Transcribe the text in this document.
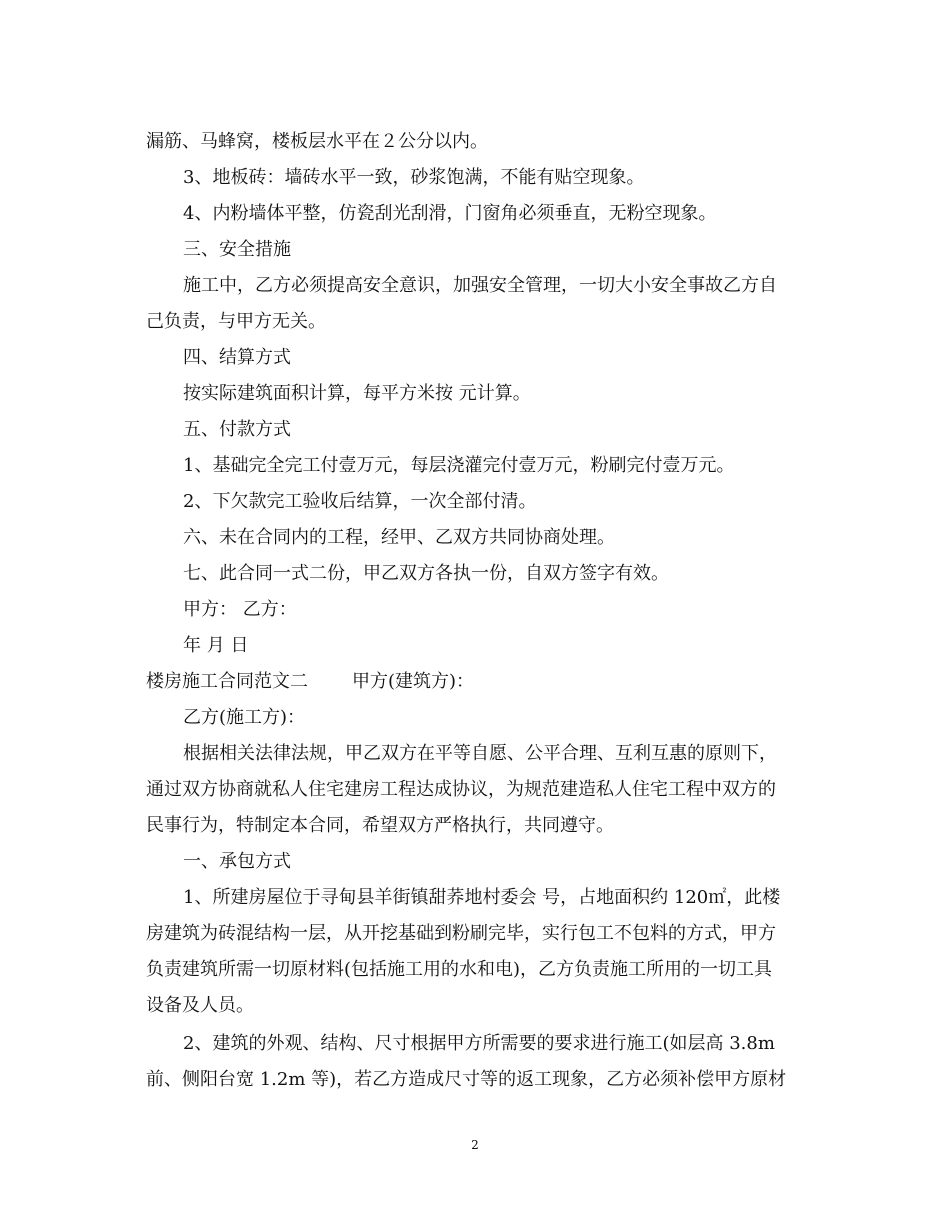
漏筋、马蜂窝，楼板层水平在２公分以内。
3、地板砖：墙砖水平一致，砂浆饱满，不能有贴空现象。
4、内粉墙体平整，仿瓷刮光刮滑，门窗角必须垂直，无粉空现象。
三、安全措施
施工中，乙方必须提高安全意识，加强安全管理，一切大小安全事故乙方自
己负责，与甲方无关。
四、结算方式
按实际建筑面积计算，每平方米按 元计算。
五、付款方式
1、基础完全完工付壹万元，每层浇灌完付壹万元，粉刷完付壹万元。
2、下欠款完工验收后结算，一次全部付清。
六、未在合同内的工程，经甲、乙双方共同协商处理。
七、此合同一式二份，甲乙双方各执一份，自双方签字有效。
甲方： 乙方：
年 月 日
楼房施工合同范文二 甲方(建筑方)：
乙方(施工方)：
根据相关法律法规，甲乙双方在平等自愿、公平合理、互利互惠的原则下，
通过双方协商就私人住宅建房工程达成协议，为规范建造私人住宅工程中双方的
民事行为，特制定本合同，希望双方严格执行，共同遵守。
一、承包方式
1、所建房屋位于寻甸县羊街镇甜荞地村委会 号，占地面积约 120㎡，此楼
房建筑为砖混结构一层，从开挖基础到粉刷完毕，实行包工不包料的方式，甲方
负责建筑所需一切原材料(包括施工用的水和电)，乙方负责施工所用的一切工具
设备及人员。
2、建筑的外观、结构、尺寸根据甲方所需要的要求进行施工(如层高 3.8m
前、侧阳台宽 1.2m 等)，若乙方造成尺寸等的返工现象，乙方必须补偿甲方原材
2
